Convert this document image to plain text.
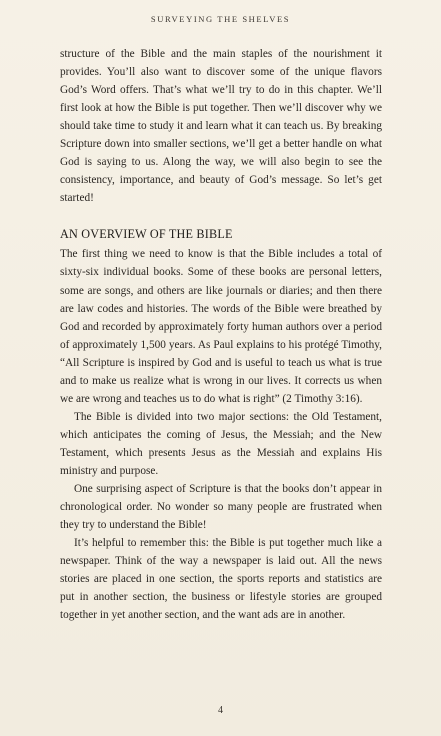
SURVEYING THE SHELVES

structure of the Bible and the main staples of the nourishment it provides. You’ll also want to discover some of the unique flavors God’s Word offers. That’s what we’ll try to do in this chapter. We’ll first look at how the Bible is put together. Then we’ll discover why we should take time to study it and learn what it can teach us. By breaking Scripture down into smaller sections, we’ll get a better handle on what God is saying to us. Along the way, we will also begin to see the consistency, importance, and beauty of God’s message. So let’s get started!

AN OVERVIEW OF THE BIBLE

The first thing we need to know is that the Bible includes a total of sixty-six individual books. Some of these books are personal letters, some are songs, and others are like journals or diaries; and then there are law codes and histories. The words of the Bible were breathed by God and recorded by approximately forty human authors over a period of approximately 1,500 years. As Paul explains to his protégé Timothy, “All Scripture is inspired by God and is useful to teach us what is true and to make us realize what is wrong in our lives. It corrects us when we are wrong and teaches us to do what is right” (2 Timothy 3:16).

The Bible is divided into two major sections: the Old Testament, which anticipates the coming of Jesus, the Messiah; and the New Testament, which presents Jesus as the Messiah and explains His ministry and purpose.

One surprising aspect of Scripture is that the books don’t appear in chronological order. No wonder so many people are frustrated when they try to understand the Bible!

It’s helpful to remember this: the Bible is put together much like a newspaper. Think of the way a newspaper is laid out. All the news stories are placed in one section, the sports reports and statistics are put in another section, the business or lifestyle stories are grouped together in yet another section, and the want ads are in another.

4
